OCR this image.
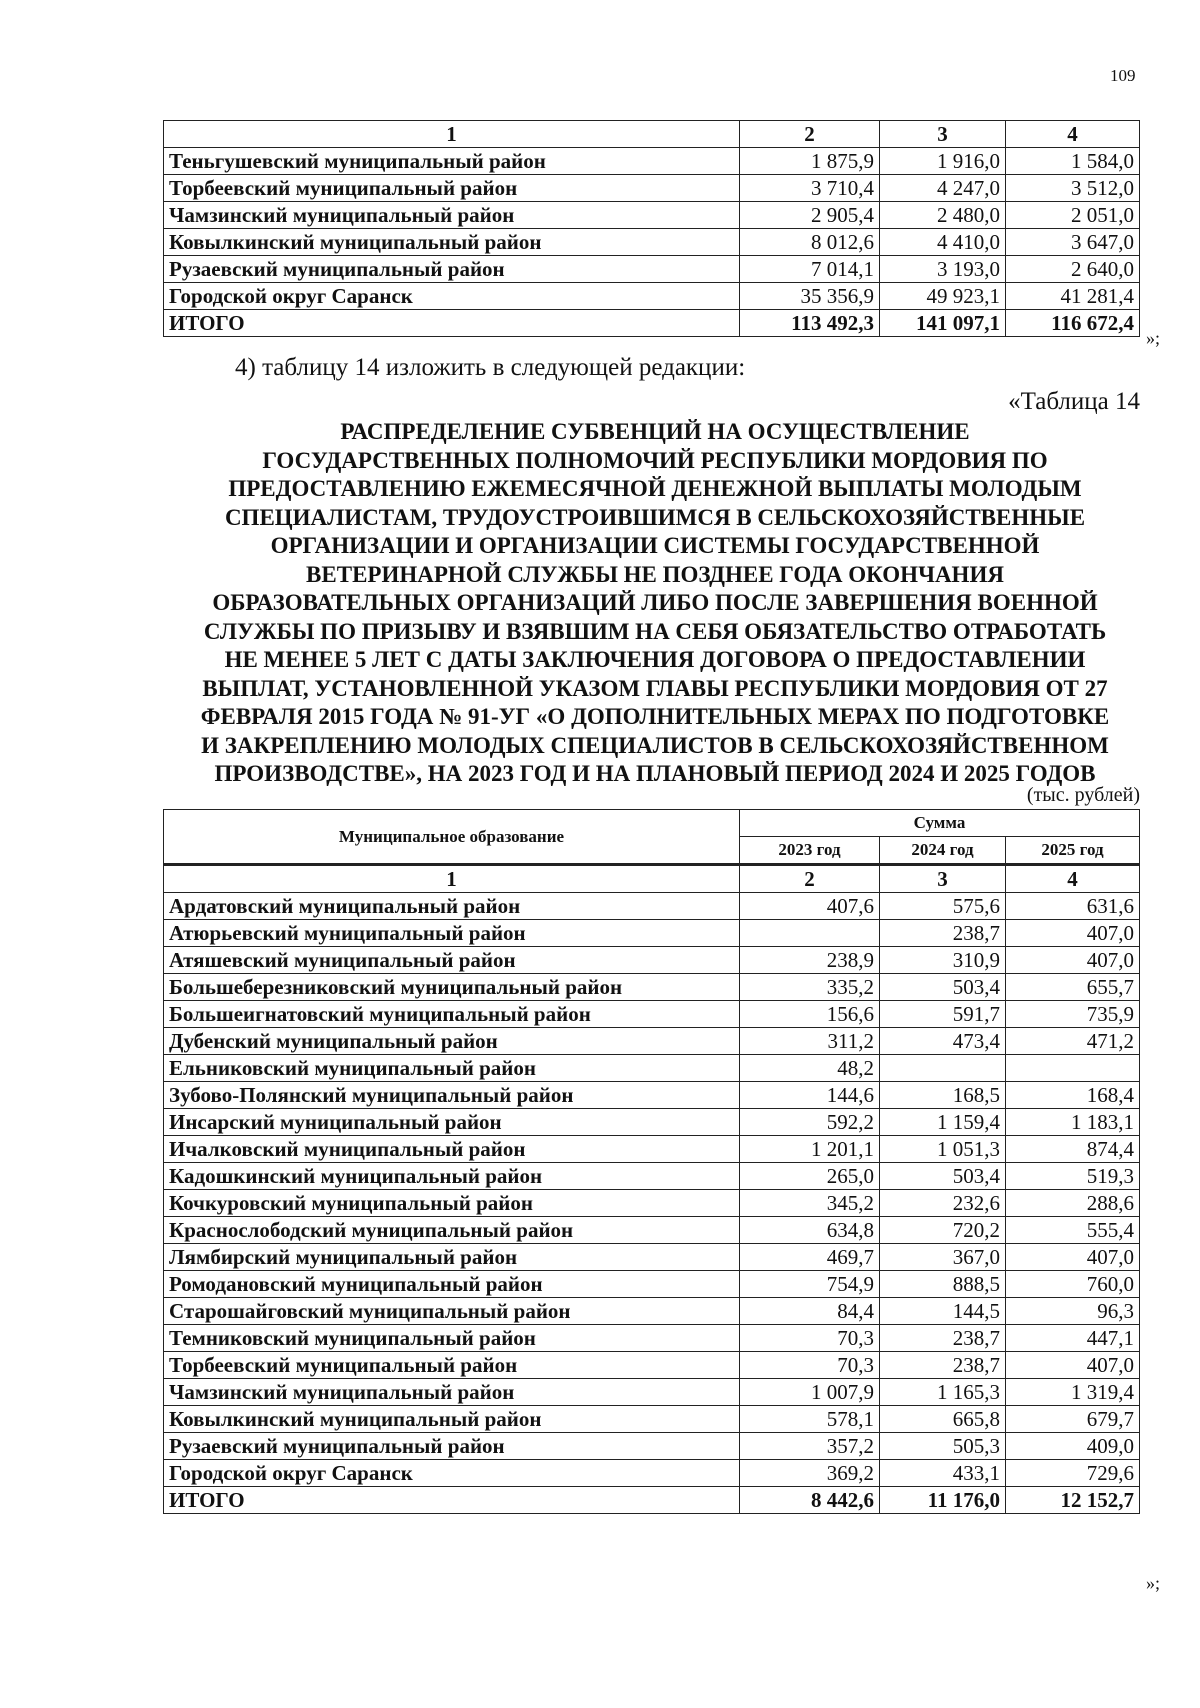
109
1	2	3	4
Теньгушевский муниципальный район	1 875,9	1 916,0	1 584,0
Торбеевский муниципальный район	3 710,4	4 247,0	3 512,0
Чамзинский муниципальный район	2 905,4	2 480,0	2 051,0
Ковылкинский муниципальный район	8 012,6	4 410,0	3 647,0
Рузаевский муниципальный район	7 014,1	3 193,0	2 640,0
Городской округ Саранск	35 356,9	49 923,1	41 281,4
ИТОГО	113 492,3	141 097,1	116 672,4
»;
4) таблицу 14 изложить в следующей редакции:
«Таблица 14
РАСПРЕДЕЛЕНИЕ СУБВЕНЦИЙ НА ОСУЩЕСТВЛЕНИЕ
ГОСУДАРСТВЕННЫХ ПОЛНОМОЧИЙ РЕСПУБЛИКИ МОРДОВИЯ ПО
ПРЕДОСТАВЛЕНИЮ ЕЖЕМЕСЯЧНОЙ ДЕНЕЖНОЙ ВЫПЛАТЫ МОЛОДЫМ
СПЕЦИАЛИСТАМ, ТРУДОУСТРОИВШИМСЯ В СЕЛЬСКОХОЗЯЙСТВЕННЫЕ
ОРГАНИЗАЦИИ И ОРГАНИЗАЦИИ СИСТЕМЫ ГОСУДАРСТВЕННОЙ
ВЕТЕРИНАРНОЙ СЛУЖБЫ НЕ ПОЗДНЕЕ ГОДА ОКОНЧАНИЯ
ОБРАЗОВАТЕЛЬНЫХ ОРГАНИЗАЦИЙ ЛИБО ПОСЛЕ ЗАВЕРШЕНИЯ ВОЕННОЙ
СЛУЖБЫ ПО ПРИЗЫВУ И ВЗЯВШИМ НА СЕБЯ ОБЯЗАТЕЛЬСТВО ОТРАБОТАТЬ
НЕ МЕНЕЕ 5 ЛЕТ С ДАТЫ ЗАКЛЮЧЕНИЯ ДОГОВОРА О ПРЕДОСТАВЛЕНИИ
ВЫПЛАТ, УСТАНОВЛЕННОЙ УКАЗОМ ГЛАВЫ РЕСПУБЛИКИ МОРДОВИЯ ОТ 27
ФЕВРАЛЯ 2015 ГОДА № 91-УГ «О ДОПОЛНИТЕЛЬНЫХ МЕРАХ ПО ПОДГОТОВКЕ
И ЗАКРЕПЛЕНИЮ МОЛОДЫХ СПЕЦИАЛИСТОВ В СЕЛЬСКОХОЗЯЙСТВЕННОМ
ПРОИЗВОДСТВЕ», НА 2023 ГОД И НА ПЛАНОВЫЙ ПЕРИОД 2024 И 2025 ГОДОВ
(тыс. рублей)
Муниципальное образование	Сумма		
	2023 год	2024 год	2025 год
1	2	3	4
Ардатовский муниципальный район	407,6	575,6	631,6
Атюрьевский муниципальный район		238,7	407,0
Атяшевский муниципальный район	238,9	310,9	407,0
Большеберезниковский муниципальный район	335,2	503,4	655,7
Большеигнатовский муниципальный район	156,6	591,7	735,9
Дубенский муниципальный район	311,2	473,4	471,2
Ельниковский муниципальный район	48,2		
Зубово-Полянский муниципальный район	144,6	168,5	168,4
Инсарский муниципальный район	592,2	1 159,4	1 183,1
Ичалковский муниципальный район	1 201,1	1 051,3	874,4
Кадошкинский муниципальный район	265,0	503,4	519,3
Кочкуровский муниципальный район	345,2	232,6	288,6
Краснослободский муниципальный район	634,8	720,2	555,4
Лямбирский муниципальный район	469,7	367,0	407,0
Ромодановский муниципальный район	754,9	888,5	760,0
Старошайговский муниципальный район	84,4	144,5	96,3
Темниковский муниципальный район	70,3	238,7	447,1
Торбеевский муниципальный район	70,3	238,7	407,0
Чамзинский муниципальный район	1 007,9	1 165,3	1 319,4
Ковылкинский муниципальный район	578,1	665,8	679,7
Рузаевский муниципальный район	357,2	505,3	409,0
Городской округ Саранск	369,2	433,1	729,6
ИТОГО	8 442,6	11 176,0	12 152,7
»;
